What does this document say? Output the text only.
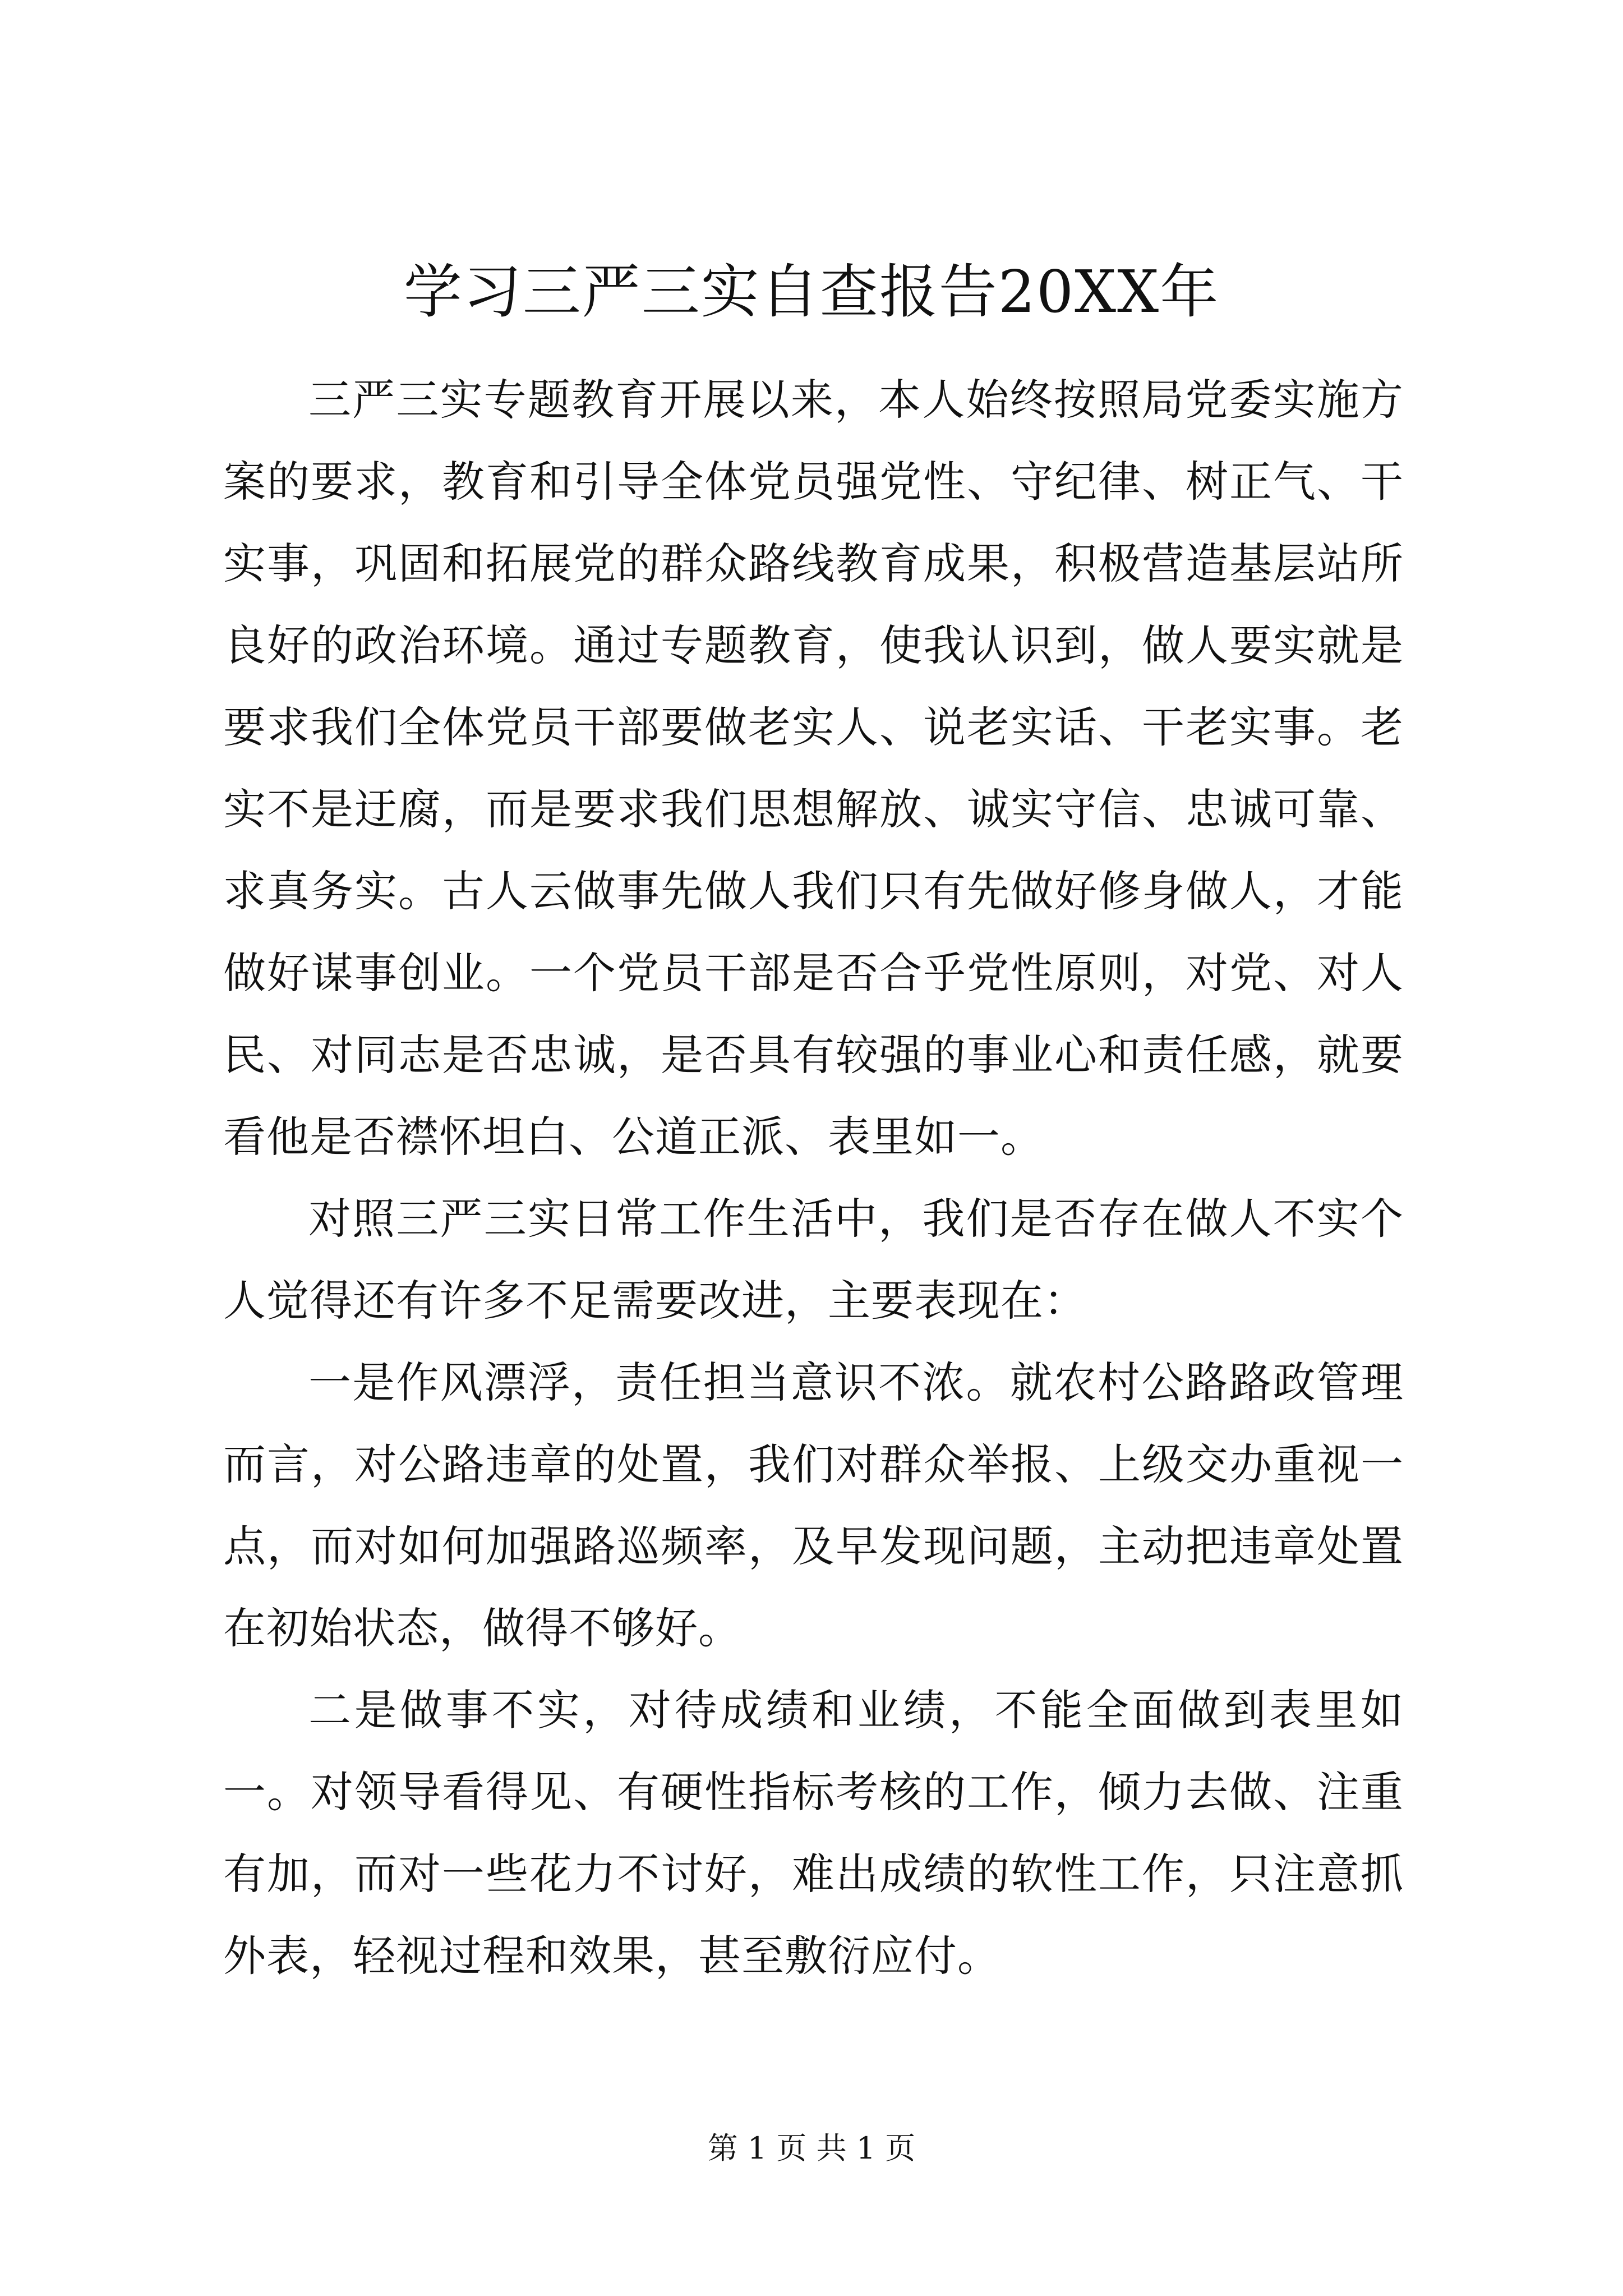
学习三严三实自查报告20XX年

三严三实专题教育开展以来，本人始终按照局党委实施方案的要求，教育和引导全体党员强党性、守纪律、树正气、干实事，巩固和拓展党的群众路线教育成果，积极营造基层站所良好的政治环境。通过专题教育，使我认识到，做人要实就是要求我们全体党员干部要做老实人、说老实话、干老实事。老实不是迂腐，而是要求我们思想解放、诚实守信、忠诚可靠、求真务实。古人云做事先做人我们只有先做好修身做人，才能做好谋事创业。一个党员干部是否合乎党性原则，对党、对人民、对同志是否忠诚，是否具有较强的事业心和责任感，就要看他是否襟怀坦白、公道正派、表里如一。

对照三严三实日常工作生活中，我们是否存在做人不实个人觉得还有许多不足需要改进，主要表现在：

一是作风漂浮，责任担当意识不浓。就农村公路路政管理而言，对公路违章的处置，我们对群众举报、上级交办重视一点，而对如何加强路巡频率，及早发现问题，主动把违章处置在初始状态，做得不够好。

二是做事不实，对待成绩和业绩，不能全面做到表里如一。对领导看得见、有硬性指标考核的工作，倾力去做、注重有加，而对一些花力不讨好，难出成绩的软性工作，只注意抓外表，轻视过程和效果，甚至敷衍应付。

第 1 页 共 1 页
